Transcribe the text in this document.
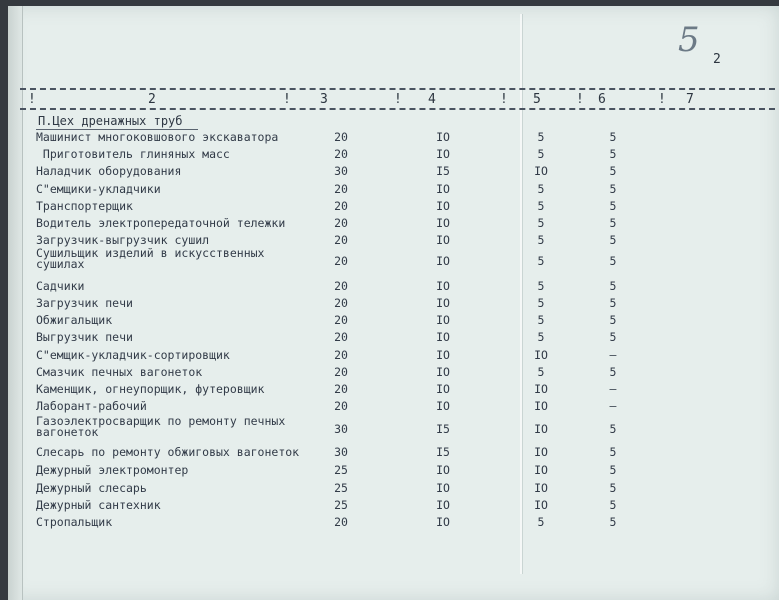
5 2
!	2	! 3	! 4	! 5	! 6	! 7
П.Цех дренажных труб
Машинист многоковшового экскаватора	20	IO	5	5
Приготовитель глиняных масс	20	IO	5	5
Наладчик оборудования	30	I5	IO	5
С"емщики-укладчики	20	IO	5	5
Транспортерщик	20	IO	5	5
Водитель электропередаточной тележки	20	IO	5	5
Загрузчик-выгрузчик сушил	20	IO	5	5
Сушильщик изделий в искусственных
сушилах	20	IO	5	5
Садчики	20	IO	5	5
Загрузчик печи	20	IO	5	5
Обжигальщик	20	IO	5	5
Выгрузчик печи	20	IO	5	5
С"емщик-укладчик-сортировщик	20	IO	IO	–
Смазчик печных вагонеток	20	IO	5	5
Каменщик, огнеупорщик, футеровщик	20	IO	IO	–
Лаборант-рабочий	20	IO	IO	–
Газоэлектросварщик по ремонту печных
вагонеток	30	I5	IO	5
Слесарь по ремонту обжиговых вагонеток	30	I5	IO	5
Дежурный электромонтер	25	IO	IO	5
Дежурный слесарь	25	IO	IO	5
Дежурный сантехник	25	IO	IO	5
Стропальщик	20	IO	5	5
